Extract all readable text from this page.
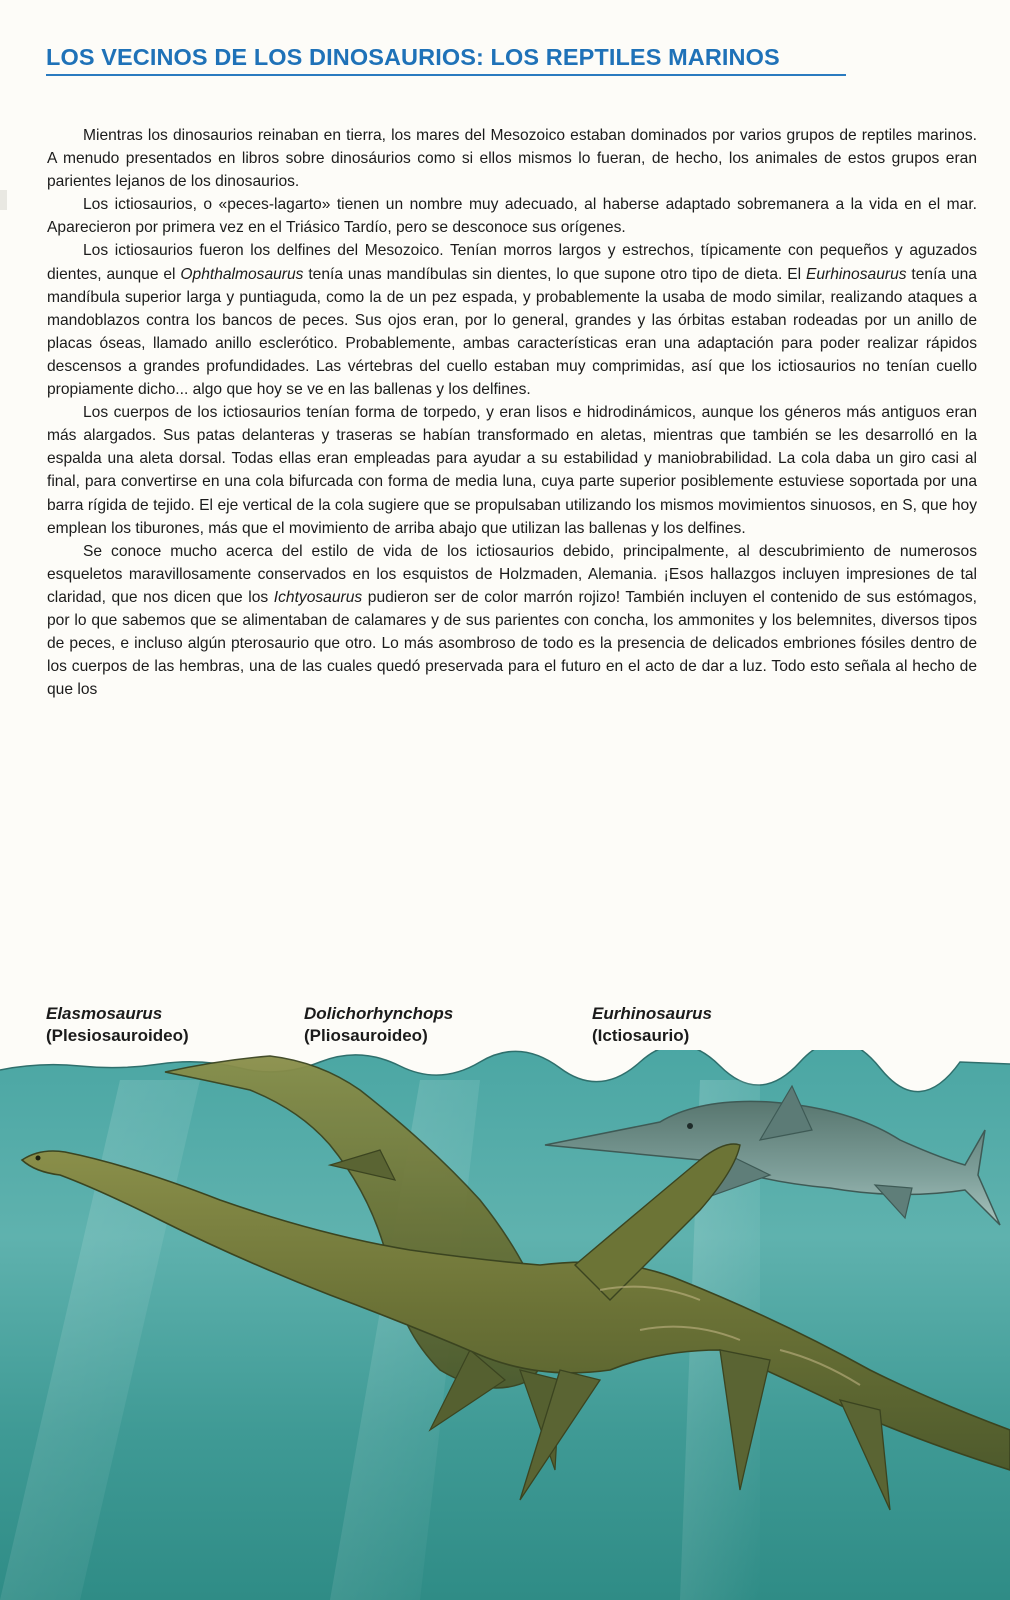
LOS VECINOS DE LOS DINOSAURIOS: LOS REPTILES MARINOS

Mientras los dinosaurios reinaban en tierra, los mares del Mesozoico estaban dominados por varios grupos de reptiles marinos. A menudo presentados en libros sobre dinosáurios como si ellos mismos lo fueran, de hecho, los animales de estos grupos eran parientes lejanos de los dinosaurios.

Los ictiosaurios, o «peces-lagarto» tienen un nombre muy adecuado, al haberse adaptado sobremanera a la vida en el mar. Aparecieron por primera vez en el Triásico Tardío, pero se desconoce sus orígenes.

Los ictiosaurios fueron los delfines del Mesozoico. Tenían morros largos y estrechos, típicamente con pequeños y aguzados dientes, aunque el Ophthalmosaurus tenía unas mandíbulas sin dientes, lo que supone otro tipo de dieta. El Eurhinosaurus tenía una mandíbula superior larga y puntiaguda, como la de un pez espada, y probablemente la usaba de modo similar, realizando ataques a mandoblazos contra los bancos de peces. Sus ojos eran, por lo general, grandes y las órbitas estaban rodeadas por un anillo de placas óseas, llamado anillo esclerótico. Probablemente, ambas características eran una adaptación para poder realizar rápidos descensos a grandes profundidades. Las vértebras del cuello estaban muy comprimidas, así que los ictiosaurios no tenían cuello propiamente dicho... algo que hoy se ve en las ballenas y los delfines.

Los cuerpos de los ictiosaurios tenían forma de torpedo, y eran lisos e hidrodinámicos, aunque los géneros más antiguos eran más alargados. Sus patas delanteras y traseras se habían transformado en aletas, mientras que también se les desarrolló en la espalda una aleta dorsal. Todas ellas eran empleadas para ayudar a su estabilidad y maniobrabilidad. La cola daba un giro casi al final, para convertirse en una cola bifurcada con forma de media luna, cuya parte superior posiblemente estuviese soportada por una barra rígida de tejido. El eje vertical de la cola sugiere que se propulsaban utilizando los mismos movimientos sinuosos, en S, que hoy emplean los tiburones, más que el movimiento de arriba abajo que utilizan las ballenas y los delfines.

Se conoce mucho acerca del estilo de vida de los ictiosaurios debido, principalmente, al descubrimiento de numerosos esqueletos maravillosamente conservados en los esquistos de Holzmaden, Alemania. ¡Esos hallazgos incluyen impresiones de tal claridad, que nos dicen que los Ichtyosaurus pudieron ser de color marrón rojizo! También incluyen el contenido de sus estómagos, por lo que sabemos que se alimentaban de calamares y de sus parientes con concha, los ammonites y los belemnites, diversos tipos de peces, e incluso algún pterosaurio que otro. Lo más asombroso de todo es la presencia de delicados embriones fósiles dentro de los cuerpos de las hembras, una de las cuales quedó preservada para el futuro en el acto de dar a luz. Todo esto señala al hecho de que los

Elasmosaurus
(Plesiosauroideo)
Dolichorhynchops
(Pliosauroideo)
Eurhinosaurus
(Ictiosaurio)
